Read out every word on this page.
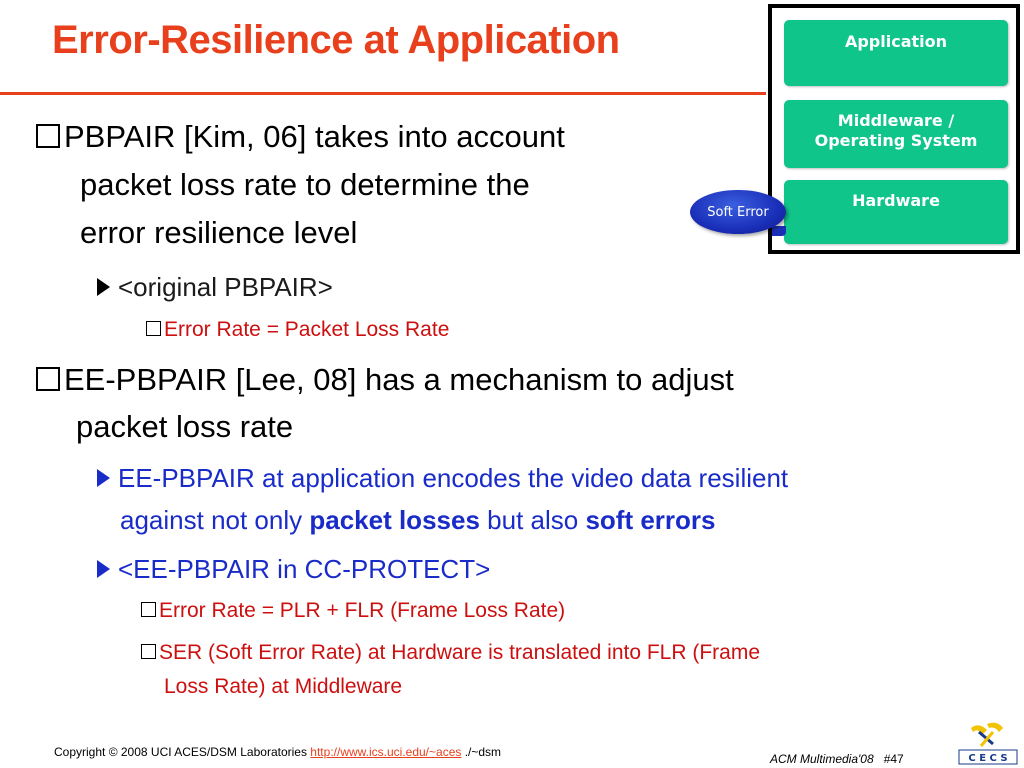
Error-Resilience at Application	Application
Middleware /
Operating System
Hardware
Soft Error
PBPAIR [Kim, 06] takes into account
packet loss rate to determine the
error resilience level
<original PBPAIR>
Error Rate = Packet Loss Rate
EE-PBPAIR [Lee, 08] has a mechanism to adjust
packet loss rate
EE-PBPAIR at application encodes the video data resilient
against not only packet losses but also soft errors
<EE-PBPAIR in CC-PROTECT>
Error Rate = PLR + FLR (Frame Loss Rate)
SER (Soft Error Rate) at Hardware is translated into FLR (Frame
Loss Rate) at Middleware
Copyright © 2008 UCI ACES/DSM Laboratories http://www.ics.uci.edu/~aces ./~dsm	ACM Multimedia'08 #47	C E C S
